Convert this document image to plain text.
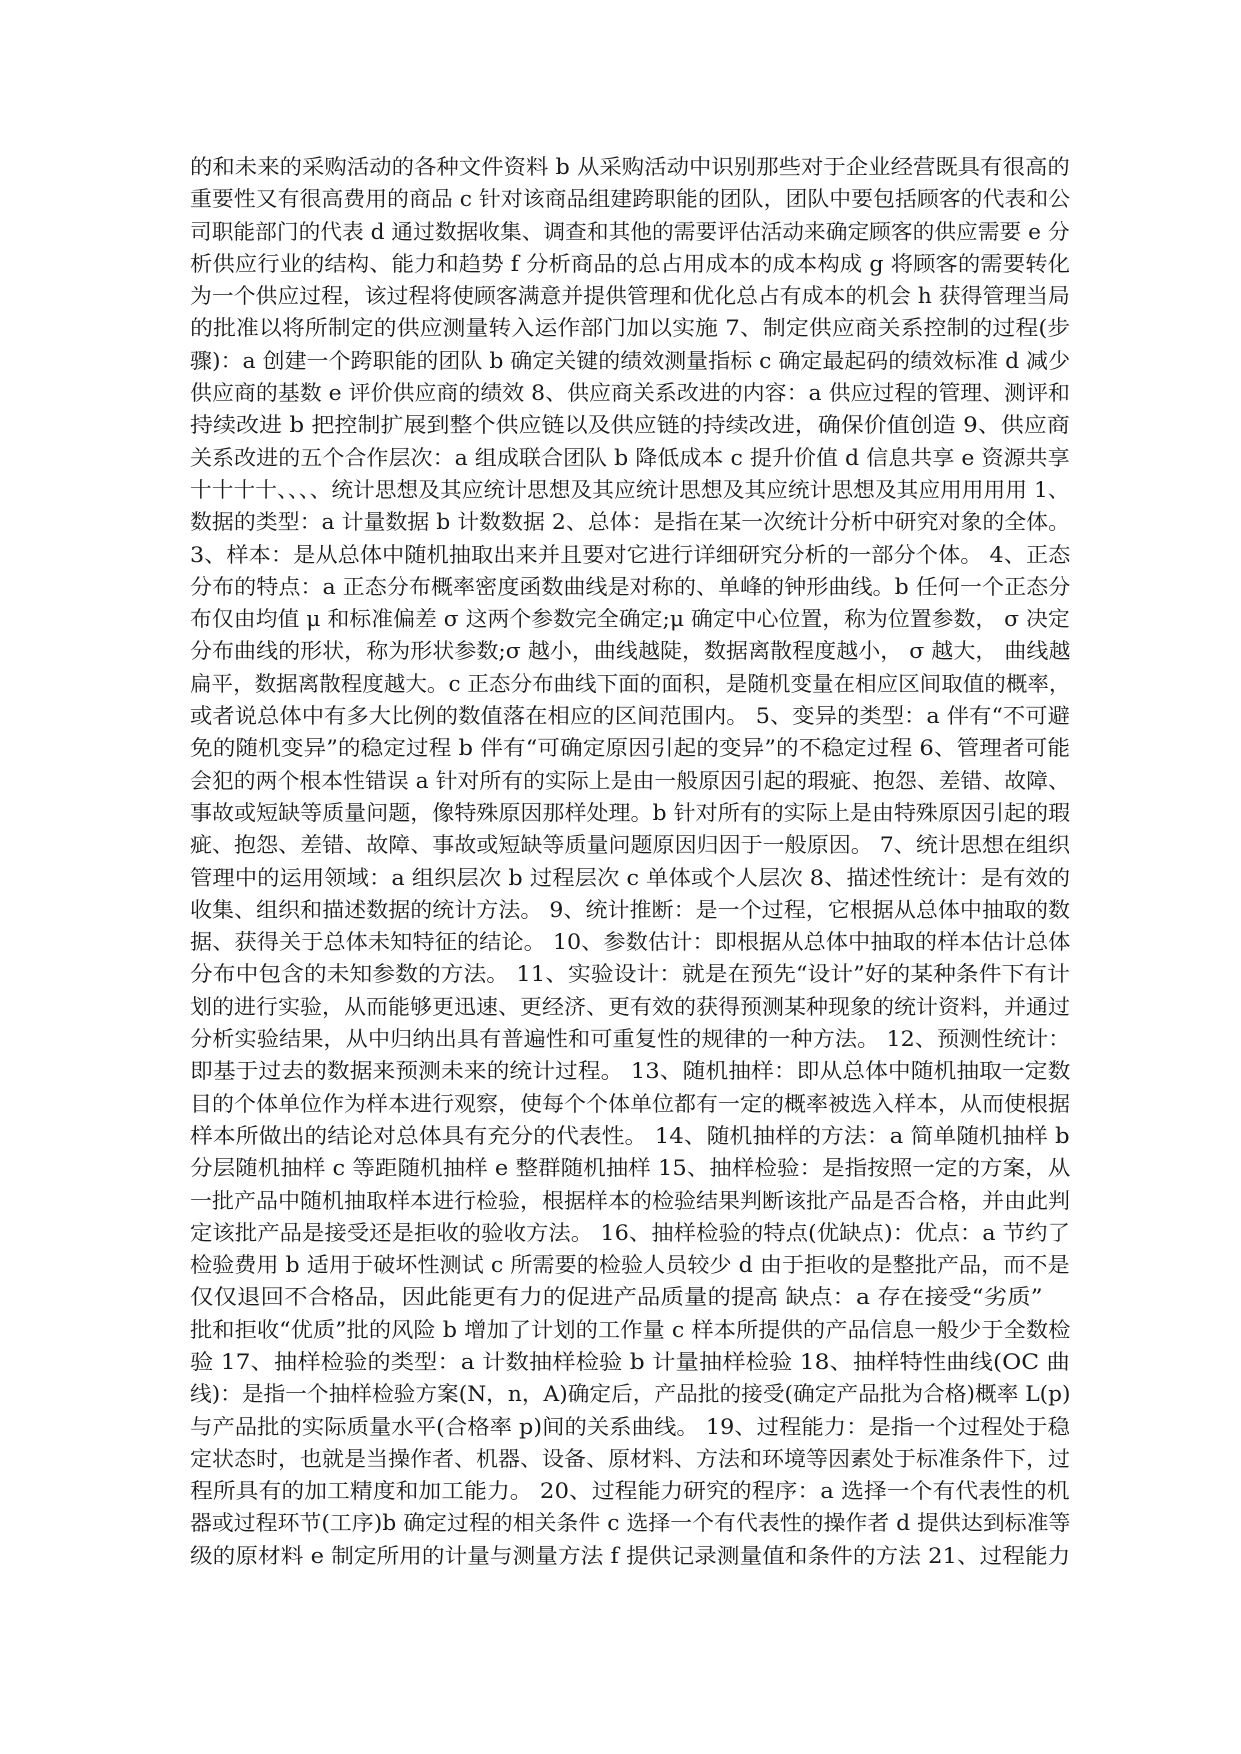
的和未来的采购活动的各种文件资料 b 从采购活动中识别那些对于企业经营既具有很高的
重要性又有很高费用的商品 c 针对该商品组建跨职能的团队，团队中要包括顾客的代表和公
司职能部门的代表 d 通过数据收集、调查和其他的需要评估活动来确定顾客的供应需要 e 分
析供应行业的结构、能力和趋势 f 分析商品的总占用成本的成本构成 g 将顾客的需要转化
为一个供应过程，该过程将使顾客满意并提供管理和优化总占有成本的机会 h 获得管理当局
的批准以将所制定的供应测量转入运作部门加以实施 7、制定供应商关系控制的过程(步
骤)：a 创建一个跨职能的团队 b 确定关键的绩效测量指标 c 确定最起码的绩效标准 d 减少
供应商的基数 e 评价供应商的绩效 8、供应商关系改进的内容：a 供应过程的管理、测评和
持续改进 b 把控制扩展到整个供应链以及供应链的持续改进，确保价值创造 9、供应商
关系改进的五个合作层次：a 组成联合团队 b 降低成本 c 提升价值 d 信息共享 e 资源共享
十十十十、、、、统计思想及其应统计思想及其应统计思想及其应统计思想及其应用用用用 1、
数据的类型：a 计量数据 b 计数数据 2、总体：是指在某一次统计分析中研究对象的全体。
3、样本：是从总体中随机抽取出来并且要对它进行详细研究分析的一部分个体。 4、正态
分布的特点：a 正态分布概率密度函数曲线是对称的、单峰的钟形曲线。b 任何一个正态分
布仅由均值 μ 和标准偏差 σ 这两个参数完全确定;μ 确定中心位置，称为位置参数， σ 决定
分布曲线的形状，称为形状参数;σ 越小，曲线越陡，数据离散程度越小， σ 越大， 曲线越
扁平，数据离散程度越大。c 正态分布曲线下面的面积，是随机变量在相应区间取值的概率，
或者说总体中有多大比例的数值落在相应的区间范围内。 5、变异的类型：a 伴有“不可避
免的随机变异”的稳定过程 b 伴有“可确定原因引起的变异”的不稳定过程 6、管理者可能
会犯的两个根本性错误 a 针对所有的实际上是由一般原因引起的瑕疵、抱怨、差错、故障、
事故或短缺等质量问题，像特殊原因那样处理。b 针对所有的实际上是由特殊原因引起的瑕
疵、抱怨、差错、故障、事故或短缺等质量问题原因归因于一般原因。 7、统计思想在组织
管理中的运用领域：a 组织层次 b 过程层次 c 单体或个人层次 8、描述性统计：是有效的
收集、组织和描述数据的统计方法。 9、统计推断：是一个过程，它根据从总体中抽取的数
据、获得关于总体未知特征的结论。 10、参数估计：即根据从总体中抽取的样本估计总体
分布中包含的未知参数的方法。 11、实验设计：就是在预先“设计”好的某种条件下有计
划的进行实验，从而能够更迅速、更经济、更有效的获得预测某种现象的统计资料，并通过
分析实验结果，从中归纳出具有普遍性和可重复性的规律的一种方法。 12、预测性统计：
即基于过去的数据来预测未来的统计过程。 13、随机抽样：即从总体中随机抽取一定数
目的个体单位作为样本进行观察，使每个个体单位都有一定的概率被选入样本，从而使根据
样本所做出的结论对总体具有充分的代表性。 14、随机抽样的方法：a 简单随机抽样 b
分层随机抽样 c 等距随机抽样 e 整群随机抽样 15、抽样检验：是指按照一定的方案，从
一批产品中随机抽取样本进行检验，根据样本的检验结果判断该批产品是否合格，并由此判
定该批产品是接受还是拒收的验收方法。 16、抽样检验的特点(优缺点)：优点：a 节约了
检验费用 b 适用于破坏性测试 c 所需要的检验人员较少 d 由于拒收的是整批产品，而不是
仅仅退回不合格品，因此能更有力的促进产品质量的提高 缺点：a 存在接受“劣质”
批和拒收“优质”批的风险 b 增加了计划的工作量 c 样本所提供的产品信息一般少于全数检
验 17、抽样检验的类型：a 计数抽样检验 b 计量抽样检验 18、抽样特性曲线(OC 曲
线)：是指一个抽样检验方案(N，n，A)确定后，产品批的接受(确定产品批为合格)概率 L(p)
与产品批的实际质量水平(合格率 p)间的关系曲线。 19、过程能力：是指一个过程处于稳
定状态时，也就是当操作者、机器、设备、原材料、方法和环境等因素处于标准条件下，过
程所具有的加工精度和加工能力。 20、过程能力研究的程序：a 选择一个有代表性的机
器或过程环节(工序)b 确定过程的相关条件 c 选择一个有代表性的操作者 d 提供达到标准等
级的原材料 e 制定所用的计量与测量方法 f 提供记录测量值和条件的方法 21、过程能力
